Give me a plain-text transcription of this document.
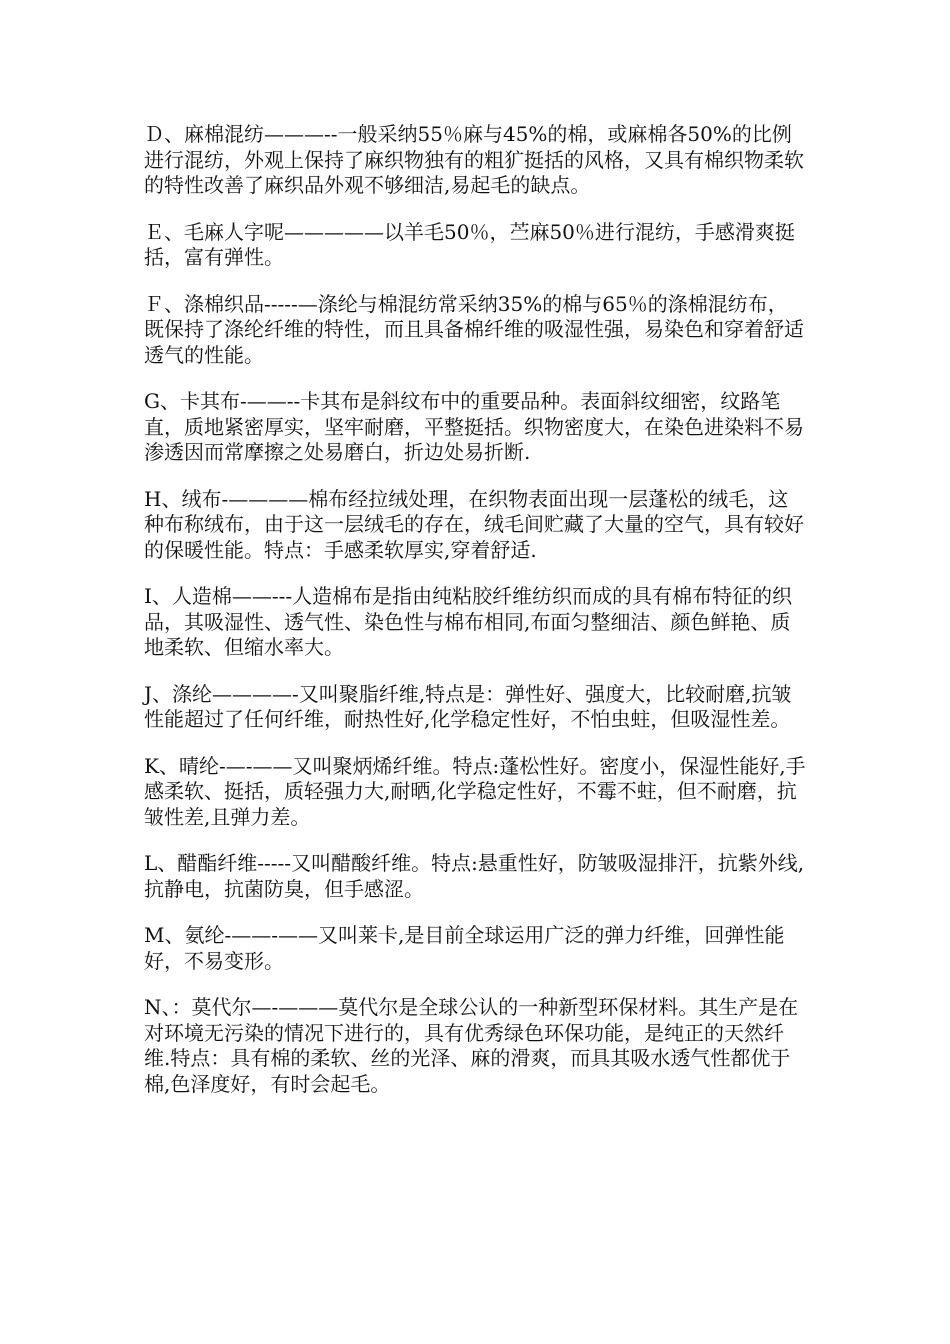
Ｄ、麻棉混纺———--一般采纳55％麻与45%的棉，或麻棉各50%的比例进行混纺，外观上保持了麻织物独有的粗犷挺括的风格，又具有棉织物柔软的特性改善了麻织品外观不够细洁,易起毛的缺点。

Ｅ、毛麻人字呢—————以羊毛50％，苎麻50％进行混纺，手感滑爽挺括，富有弹性。

Ｆ、涤棉织品-----—涤纶与棉混纺常采纳35%的棉与65％的涤棉混纺布，既保持了涤纶纤维的特性，而且具备棉纤维的吸湿性强，易染色和穿着舒适透气的性能。

G、卡其布-——--卡其布是斜纹布中的重要品种。表面斜纹细密，纹路笔直，质地紧密厚实，坚牢耐磨，平整挺括。织物密度大，在染色进染料不易渗透因而常摩擦之处易磨白，折边处易折断.

H、绒布-————棉布经拉绒处理，在织物表面出现一层蓬松的绒毛，这种布称绒布，由于这一层绒毛的存在，绒毛间贮藏了大量的空气，具有较好的保暖性能。特点：手感柔软厚实,穿着舒适.

I、人造棉——---人造棉布是指由纯粘胶纤维纺织而成的具有棉布特征的织品，其吸湿性、透气性、染色性与棉布相同,布面匀整细洁、颜色鲜艳、质地柔软、但缩水率大。

J、涤纶————-又叫聚脂纤维,特点是：弹性好、强度大，比较耐磨,抗皱性能超过了任何纤维，耐热性好,化学稳定性好，不怕虫蛀，但吸湿性差。

K、晴纶-—-——又叫聚炳烯纤维。特点:蓬松性好。密度小，保湿性能好,手感柔软、挺括，质轻强力大,耐晒,化学稳定性好，不霉不蛀，但不耐磨，抗皱性差,且弹力差。

L、醋酯纤维-----又叫醋酸纤维。特点:悬重性好，防皱吸湿排汗，抗紫外线,抗静电，抗菌防臭，但手感涩。

M、氨纶-——-——又叫莱卡,是目前全球运用广泛的弹力纤维，回弹性能好，不易变形。

N、：莫代尔—-———莫代尔是全球公认的一种新型环保材料。其生产是在对环境无污染的情况下进行的，具有优秀绿色环保功能，是纯正的天然纤维.特点：具有棉的柔软、丝的光泽、麻的滑爽，而具其吸水透气性都优于棉,色泽度好，有时会起毛。
